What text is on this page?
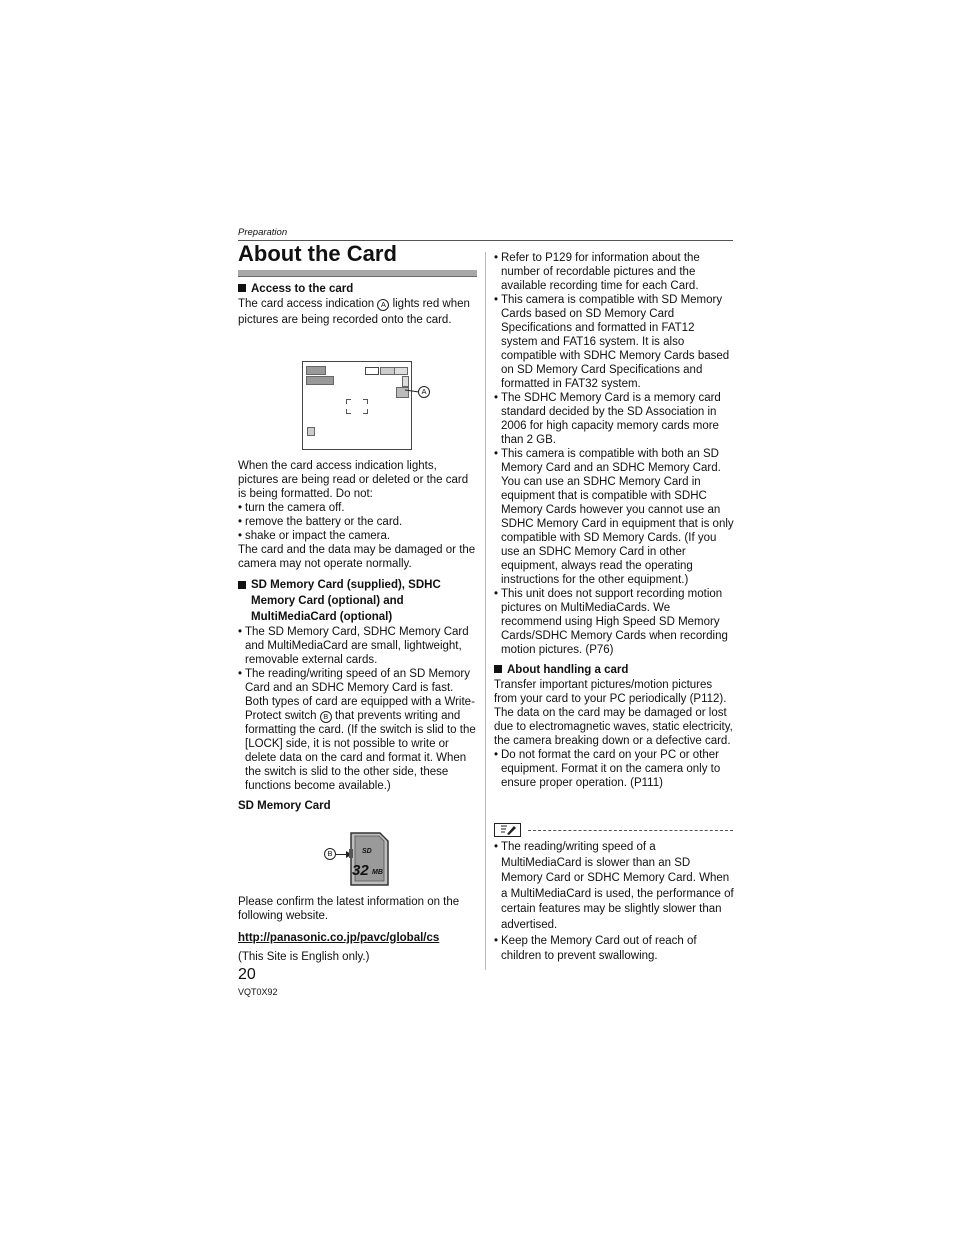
Preparation
About the Card

Access to the card

The card access indication A lights red when pictures are being recorded onto the card.

A

When the card access indication lights, pictures are being read or deleted or the card is being formatted. Do not:

• turn the camera off.
• remove the battery or the card.
• shake or impact the camera.

The card and the data may be damaged or the camera may not operate normally.

SD Memory Card (supplied), SDHC Memory Card (optional) and MultiMediaCard (optional)

• The SD Memory Card, SDHC Memory Card and MultiMediaCard are small, lightweight, removable external cards.
• The reading/writing speed of an SD Memory Card and an SDHC Memory Card is fast. Both types of card are equipped with a Write-Protect switch B that prevents writing and formatting the card. (If the switch is slid to the [LOCK] side, it is not possible to write or delete data on the card and format it. When the switch is slid to the other side, these functions become available.)

SD Memory Card

B	SD
32 MB

Please confirm the latest information on the following website.

http://panasonic.co.jp/pavc/global/cs

(This Site is English only.)

20
VQT0X92
• Refer to P129 for information about the number of recordable pictures and the available recording time for each Card.
• This camera is compatible with SD Memory Cards based on SD Memory Card Specifications and formatted in FAT12 system and FAT16 system. It is also compatible with SDHC Memory Cards based on SD Memory Card Specifications and formatted in FAT32 system.
• The SDHC Memory Card is a memory card standard decided by the SD Association in 2006 for high capacity memory cards more than 2 GB.
• This camera is compatible with both an SD Memory Card and an SDHC Memory Card. You can use an SDHC Memory Card in equipment that is compatible with SDHC Memory Cards however you cannot use an SDHC Memory Card in equipment that is only compatible with SD Memory Cards. (If you use an SDHC Memory Card in other equipment, always read the operating instructions for the other equipment.)
• This unit does not support recording motion pictures on MultiMediaCards. We recommend using High Speed SD Memory Cards/SDHC Memory Cards when recording motion pictures. (P76)

About handling a card

Transfer important pictures/motion pictures from your card to your PC periodically (P112). The data on the card may be damaged or lost due to electromagnetic waves, static electricity, the camera breaking down or a defective card.

• Do not format the card on your PC or other equipment. Format it on the camera only to ensure proper operation. (P111)
• The reading/writing speed of a MultiMediaCard is slower than an SD Memory Card or SDHC Memory Card. When a MultiMediaCard is used, the performance of certain features may be slightly slower than advertised.
• Keep the Memory Card out of reach of children to prevent swallowing.
